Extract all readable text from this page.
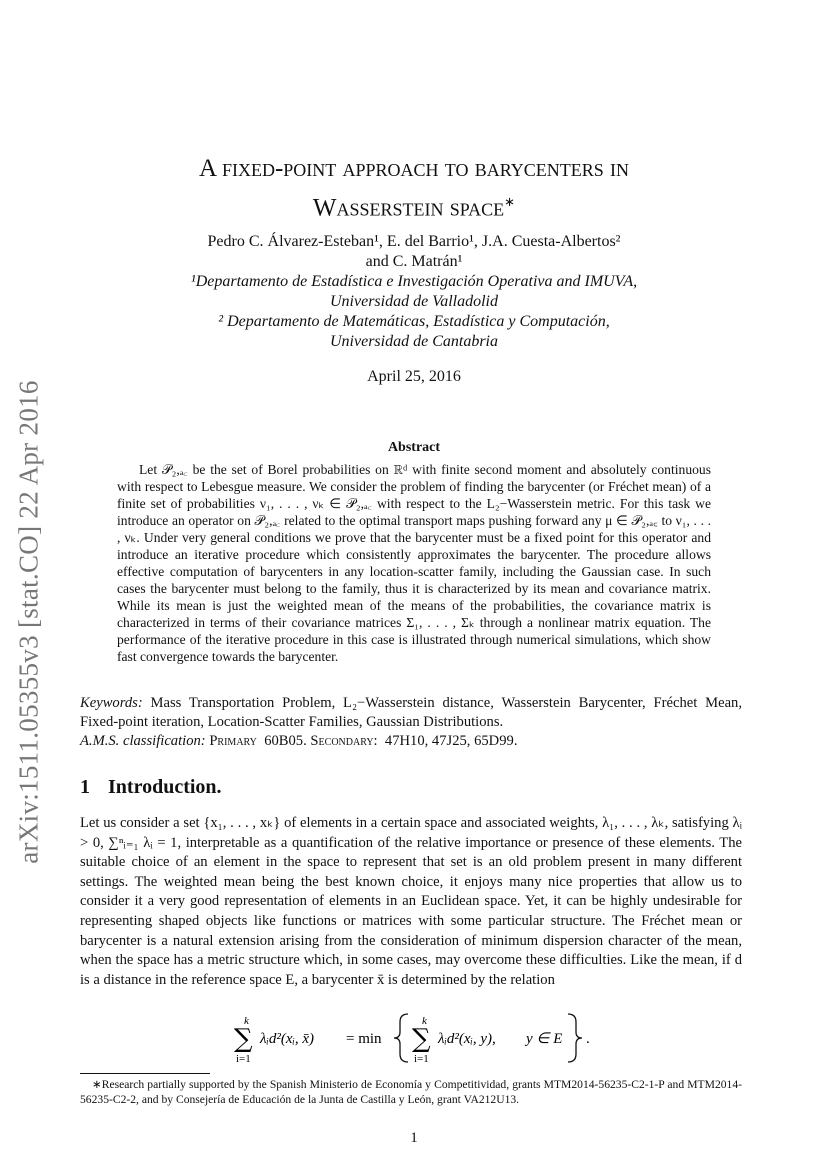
arXiv:1511.05355v3 [stat.CO] 22 Apr 2016
A fixed-point approach to barycenters in
Wasserstein space∗
Pedro C. Álvarez-Esteban¹, E. del Barrio¹, J.A. Cuesta-Albertos²
and C. Matrán¹
¹Departamento de Estadística e Investigación Operativa and IMUVA,
Universidad de Valladolid
² Departamento de Matemáticas, Estadística y Computación,
Universidad de Cantabria
April 25, 2016
Abstract
Let 𝒫₂,ₐ꜀ be the set of Borel probabilities on ℝᵈ with finite second moment and absolutely continuous with respect to Lebesgue measure. We consider the problem of finding the barycenter (or Fréchet mean) of a finite set of probabilities ν₁, . . . , νₖ ∈ 𝒫₂,ₐ꜀ with respect to the L₂−Wasserstein metric. For this task we introduce an operator on 𝒫₂,ₐ꜀ related to the optimal transport maps pushing forward any μ ∈ 𝒫₂,ₐ꜀ to ν₁, . . . , νₖ. Under very general conditions we prove that the barycenter must be a fixed point for this operator and introduce an iterative procedure which consistently approximates the barycenter. The procedure allows effective computation of barycenters in any location-scatter family, including the Gaussian case. In such cases the barycenter must belong to the family, thus it is characterized by its mean and covariance matrix. While its mean is just the weighted mean of the means of the probabilities, the covariance matrix is characterized in terms of their covariance matrices Σ₁, . . . , Σₖ through a nonlinear matrix equation. The performance of the iterative procedure in this case is illustrated through numerical simulations, which show fast convergence towards the barycenter.
Keywords: Mass Transportation Problem, L₂−Wasserstein distance, Wasserstein Barycenter, Fréchet Mean, Fixed-point iteration, Location-Scatter Families, Gaussian Distributions.
A.M.S. classification: Primary 60B05. Secondary: 47H10, 47J25, 65D99.
1 Introduction.
Let us consider a set {x₁, . . . , xₖ} of elements in a certain space and associated weights, λ₁, . . . , λₖ, satisfying λᵢ > 0, ∑ⁿᵢ₌₁ λᵢ = 1, interpretable as a quantification of the relative importance or presence of these elements. The suitable choice of an element in the space to represent that set is an old problem present in many different settings. The weighted mean being the best known choice, it enjoys many nice properties that allow us to consider it a very good representation of elements in an Euclidean space. Yet, it can be highly undesirable for representing shaped objects like functions or matrices with some particular structure. The Fréchet mean or barycenter is a natural extension arising from the consideration of minimum dispersion character of the mean, when the space has a metric structure which, in some cases, may overcome these difficulties. Like the mean, if d is a distance in the reference space E, a barycenter x̄ is determined by the relation
k
∑
i=1
λᵢd²(xᵢ, x̄) = min
k
∑
i=1
λᵢd²(xᵢ, y), y ∈ E .
∗Research partially supported by the Spanish Ministerio de Economía y Competitividad, grants MTM2014-56235-C2-1-P and MTM2014-56235-C2-2, and by Consejería de Educación de la Junta de Castilla y León, grant VA212U13.
1
